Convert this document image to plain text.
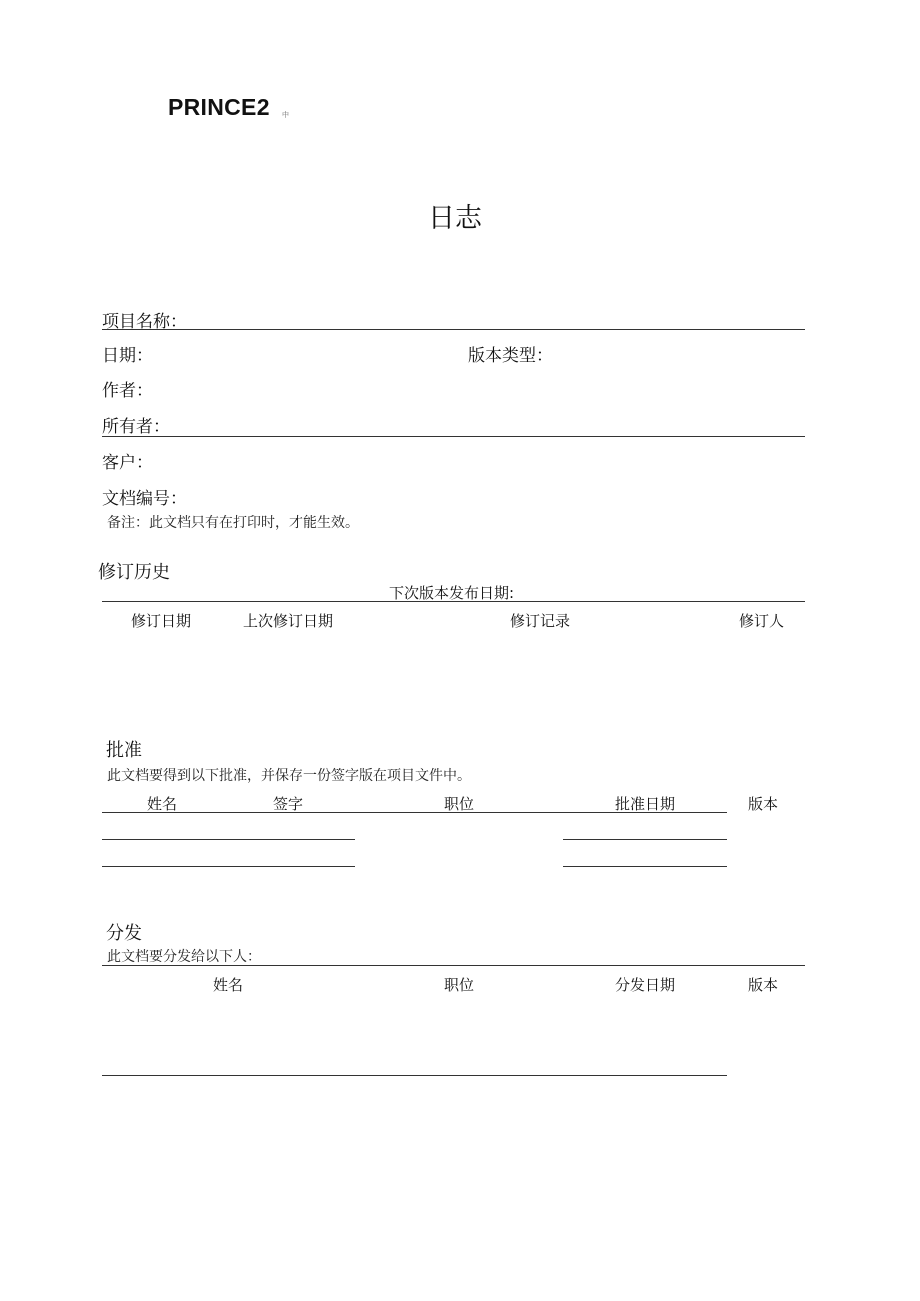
PRINCE2 中
日志
项目名称：
日期：	版本类型：
作者：
所有者：
客户：
文档编号：
备注：此文档只有在打印时，才能生效。
修订历史
下次版本发布日期:
修订日期	上次修订日期	修订记录	修订人
批准
此文档要得到以下批准，并保存一份签字版在项目文件中。
姓名	签字	职位	批准日期	版本
分发
此文档要分发给以下人：
姓名	职位	分发日期	版本
